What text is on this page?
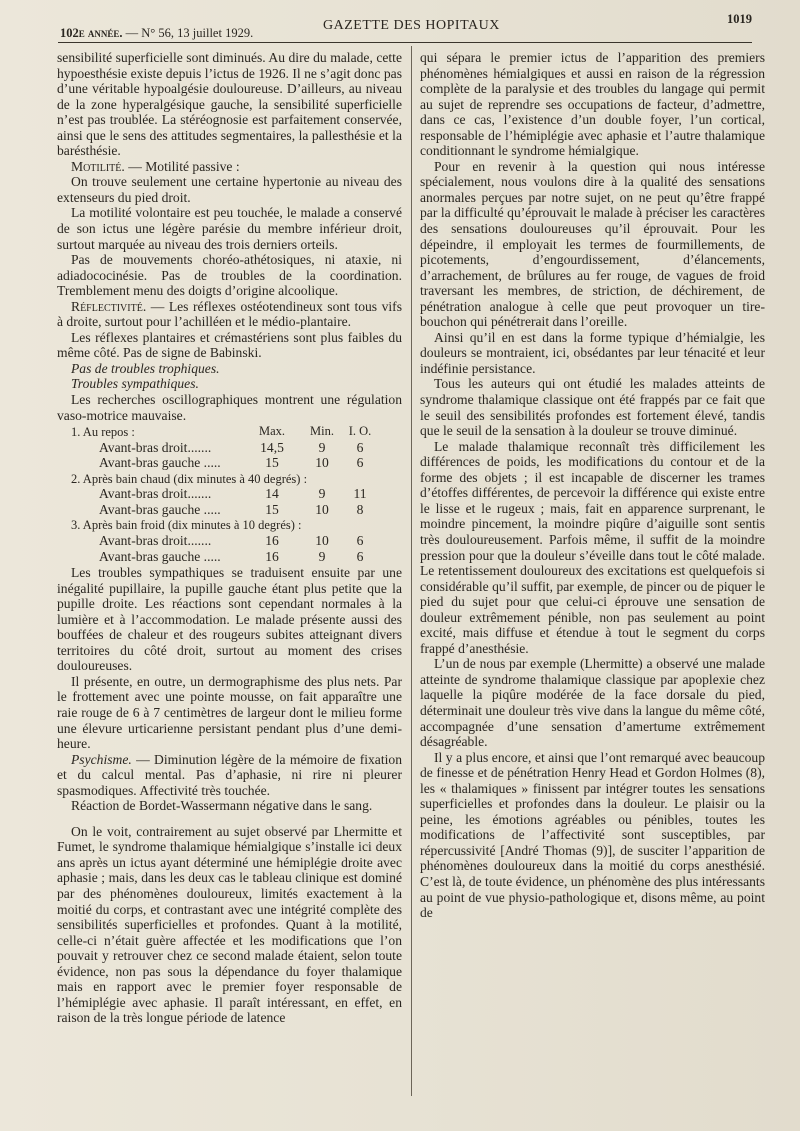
102e année. — N° 56, 13 juillet 1929.	GAZETTE DES HOPITAUX	1019

sensibilité superficielle sont diminués. Au dire du malade, cette hypoesthésie existe depuis l’ictus de 1926. Il ne s’agit donc pas d’une véritable hypoalgésie douloureuse. D’ailleurs, au niveau de la zone hyperalgésique gauche, la sensibilité superficielle n’est pas troublée. La stéréognosie est parfaitement conservée, ainsi que le sens des attitudes segmentaires, la pallesthésie et la barésthésie.

Motilité. — Motilité passive :

On trouve seulement une certaine hypertonie au niveau des extenseurs du pied droit.

La motilité volontaire est peu touchée, le malade a conservé de son ictus une légère parésie du membre inférieur droit, surtout marquée au niveau des trois derniers orteils.

Pas de mouvements choréo-athétosiques, ni ataxie, ni adiadococinésie. Pas de troubles de la coordination. Tremblement menu des doigts d’origine alcoolique.

Réflectivité. — Les réflexes ostéotendineux sont tous vifs à droite, surtout pour l’achilléen et le médio-plantaire.

Les réflexes plantaires et crémastériens sont plus faibles du même côté. Pas de signe de Babinski.

Pas de troubles trophiques.

Troubles sympathiques.

Les recherches oscillographiques montrent une régulation vaso-motrice mauvaise.

1. Au repos :	Max. Min. I. O.
Avant-bras droit.......	14,5	9	6
Avant-bras gauche .....	15	10	6
2. Après bain chaud (dix minutes à 40 degrés) :
Avant-bras droit.......	14	9	11
Avant-bras gauche .....	15	10	8
3. Après bain froid (dix minutes à 10 degrés) :
Avant-bras droit.......	16	10	6
Avant-bras gauche .....	16	9	6

Les troubles sympathiques se traduisent ensuite par une inégalité pupillaire, la pupille gauche étant plus petite que la pupille droite. Les réactions sont cependant normales à la lumière et à l’accommodation. Le malade présente aussi des bouffées de chaleur et des rougeurs subites atteignant divers territoires du côté droit, surtout au moment des crises douloureuses.

Il présente, en outre, un dermographisme des plus nets. Par le frottement avec une pointe mousse, on fait apparaître une raie rouge de 6 à 7 centimètres de largeur dont le milieu forme une élevure urticarienne persistant pendant plus d’une demi-heure.

Psychisme. — Diminution légère de la mémoire de fixation et du calcul mental. Pas d’aphasie, ni rire ni pleurer spasmodiques. Affectivité très touchée.

Réaction de Bordet-Wassermann négative dans le sang.

On le voit, contrairement au sujet observé par Lhermitte et Fumet, le syndrome thalamique hémialgique s’installe ici deux ans après un ictus ayant déterminé une hémiplégie droite avec aphasie ; mais, dans les deux cas le tableau clinique est dominé par des phénomènes douloureux, limités exactement à la moitié du corps, et contrastant avec une intégrité complète des sensibilités superficielles et profondes. Quant à la motilité, celle-ci n’était guère affectée et les modifications que l’on pouvait y retrouver chez ce second malade étaient, selon toute évidence, non pas sous la dépendance du foyer thalamique mais en rapport avec le premier foyer responsable de l’hémiplégie avec aphasie. Il paraît intéressant, en effet, en raison de la très longue période de latence

qui sépara le premier ictus de l’apparition des premiers phénomènes hémialgiques et aussi en raison de la régression complète de la paralysie et des troubles du langage qui permit au sujet de reprendre ses occupations de facteur, d’admettre, dans ce cas, l’existence d’un double foyer, l’un cortical, responsable de l’hémiplégie avec aphasie et l’autre thalamique conditionnant le syndrome hémialgique.

Pour en revenir à la question qui nous intéresse spécialement, nous voulons dire à la qualité des sensations anormales perçues par notre sujet, on ne peut qu’être frappé par la difficulté qu’éprouvait le malade à préciser les caractères des sensations douloureuses qu’il éprouvait. Pour les dépeindre, il employait les termes de fourmillements, de picotements, d’engourdissement, d’élancements, d’arrachement, de brûlures au fer rouge, de vagues de froid traversant les membres, de striction, de déchirement, de pénétration analogue à celle que peut provoquer un tire-bouchon qui pénétrerait dans l’oreille.

Ainsi qu’il en est dans la forme typique d’hémialgie, les douleurs se montraient, ici, obsédantes par leur ténacité et leur indéfinie persistance.

Tous les auteurs qui ont étudié les malades atteints de syndrome thalamique classique ont été frappés par ce fait que le seuil des sensibilités profondes est fortement élevé, tandis que le seuil de la sensation à la douleur se trouve diminué.

Le malade thalamique reconnaît très difficilement les différences de poids, les modifications du contour et de la forme des objets ; il est incapable de discerner les trames d’étoffes différentes, de percevoir la différence qui existe entre le lisse et le rugeux ; mais, fait en apparence surprenant, le moindre pincement, la moindre piqûre d’aiguille sont sentis très douloureusement. Parfois même, il suffit de la moindre pression pour que la douleur s’éveille dans tout le côté malade. Le retentissement douloureux des excitations est quelquefois si considérable qu’il suffit, par exemple, de pincer ou de piquer le pied du sujet pour que celui-ci éprouve une sensation de douleur extrêmement pénible, non pas seulement au point excité, mais diffuse et étendue à tout le segment du corps frappé d’anesthésie.

L’un de nous par exemple (Lhermitte) a observé une malade atteinte de syndrome thalamique classique par apoplexie chez laquelle la piqûre modérée de la face dorsale du pied, déterminait une douleur très vive dans la langue du même côté, accompagnée d’une sensation d’amertume extrêmement désagréable.

Il y a plus encore, et ainsi que l’ont remarqué avec beaucoup de finesse et de pénétration Henry Head et Gordon Holmes (8), les « thalamiques » finissent par intégrer toutes les sensations superficielles et profondes dans la douleur. Le plaisir ou la peine, les émotions agréables ou pénibles, toutes les modifications de l’affectivité sont susceptibles, par répercussivité [André Thomas (9)], de susciter l’apparition de phénomènes douloureux dans la moitié du corps anesthésié. C’est là, de toute évidence, un phénomène des plus intéressants au point de vue physio-pathologique et, disons même, au point de
